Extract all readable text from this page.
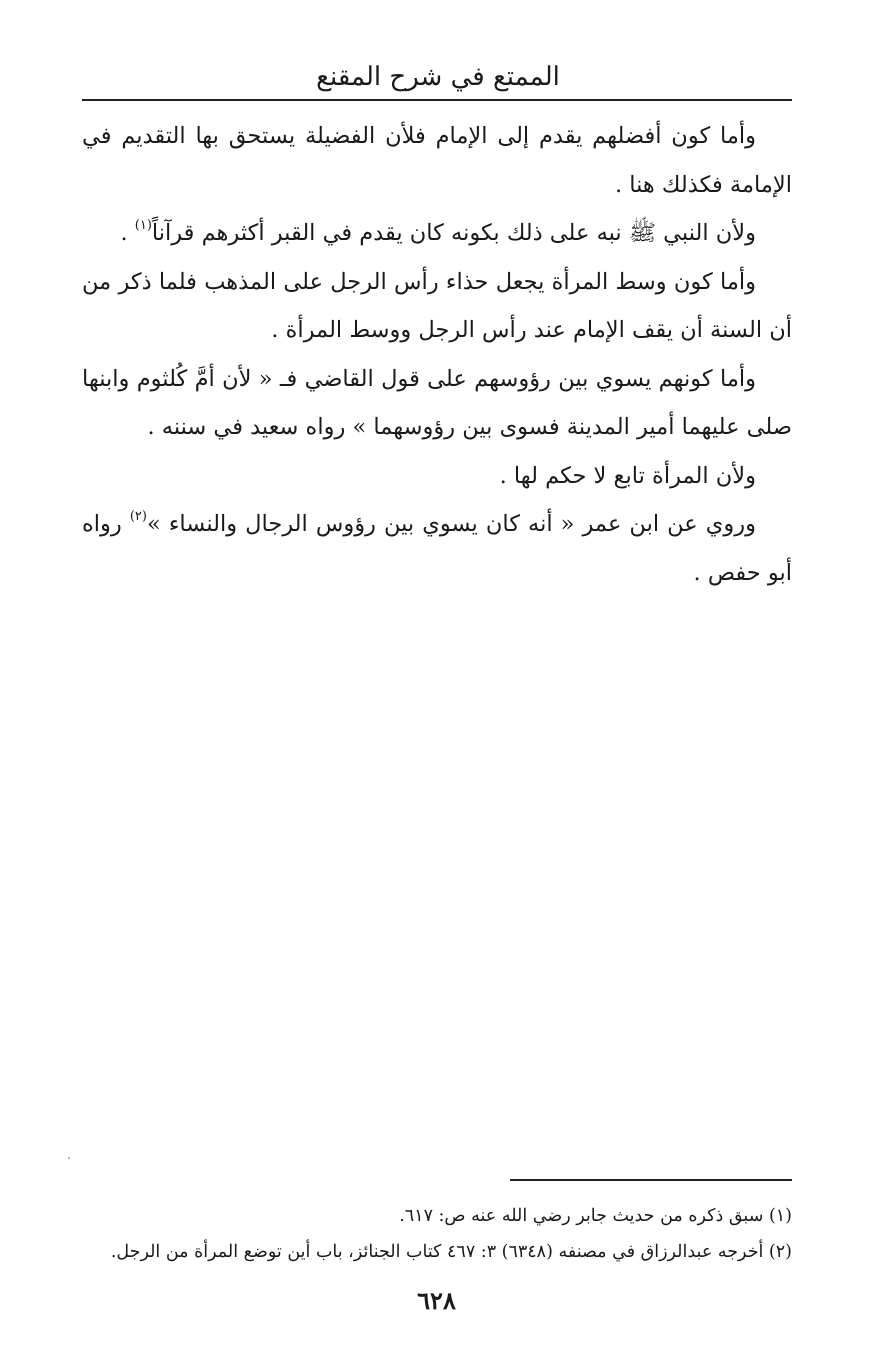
الممتع في شرح المقنع

وأما كون أفضلهم يقدم إلى الإمام فلأن الفضيلة يستحق بها التقديم في الإمامة فكذلك هنا .

ولأن النبي ﷺ نبه على ذلك بكونه كان يقدم في القبر أكثرهم قرآناً$^{(١)}$ .

وأما كون وسط المرأة يجعل حذاء رأس الرجل على المذهب فلما ذكر من أن السنة أن يقف الإمام عند رأس الرجل ووسط المرأة .

وأما كونهم يسوي بين رؤوسهم على قول القاضي فـ « لأن أمَّ كُلثوم وابنها صلى عليهما أمير المدينة فسوى بين رؤوسهما » رواه سعيد في سننه .

ولأن المرأة تابع لا حكم لها .

وروي عن ابن عمر « أنه كان يسوي بين رؤوس الرجال والنساء »$^{(٢)}$ رواه أبو حفص .

(١) سبق ذكره من حديث جابر رضي الله عنه ص: ٦١٧.

(٢) أخرجه عبدالرزاق في مصنفه (٦٣٤٨) ٣: ٤٦٧ كتاب الجنائز، باب أين توضع المرأة من الرجل.

٦٢٨
